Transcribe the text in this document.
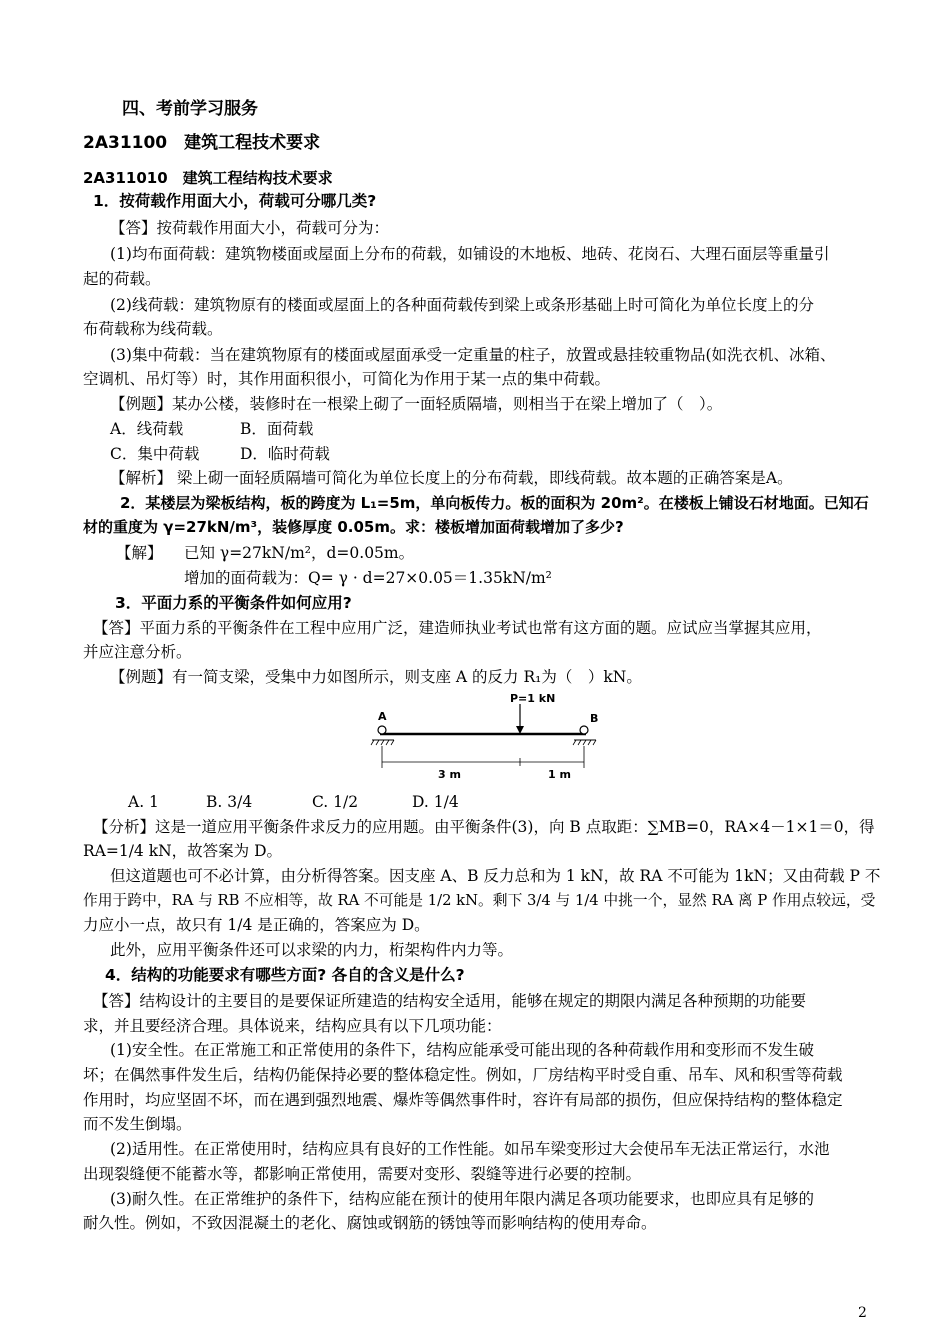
四、考前学习服务
2A31100　建筑工程技术要求
2A311010　建筑工程结构技术要求
1．按荷载作用面大小，荷载可分哪几类?
【答】按荷载作用面大小，荷载可分为：
(1)均布面荷载：建筑物楼面或屋面上分布的荷载，如铺设的木地板、地砖、花岗石、大理石面层等重量引
起的荷载。
(2)线荷载：建筑物原有的楼面或屋面上的各种面荷载传到梁上或条形基础上时可简化为单位长度上的分
布荷载称为线荷载。
(3)集中荷载：当在建筑物原有的楼面或屋面承受一定重量的柱子，放置或悬挂较重物品(如洗衣机、冰箱、
空调机、吊灯等）时，其作用面积很小，可简化为作用于某一点的集中荷载。
【例题】某办公楼，装修时在一根梁上砌了一面轻质隔墙，则相当于在梁上增加了（　）。
A．线荷载	B．面荷载
C．集中荷载	D．临时荷载
【解析】 梁上砌一面轻质隔墙可简化为单位长度上的分布荷载，即线荷载。故本题的正确答案是A。
2．某楼层为梁板结构，板的跨度为 L₁=5m，单向板传力。板的面积为 20m²。在楼板上铺设石材地面。已知石
材的重度为 γ=27kN/m³，装修厚度 0.05m。求：楼板增加面荷载增加了多少?
【解】 已知 γ=27kN/m²，d=0.05m。
增加的面荷载为：Q= γ · d=27×0.05＝1.35kN/m²
3．平面力系的平衡条件如何应用?
【答】平面力系的平衡条件在工程中应用广泛，建造师执业考试也常有这方面的题。应试应当掌握其应用，
并应注意分析。
【例题】有一简支梁，受集中力如图所示，则支座 A 的反力 R₁为（　）kN。
P=1 kN
A	B
3 m	1 m
A. 1	B. 3/4	C. 1/2	D. 1/4
【分析】这是一道应用平衡条件求反力的应用题。由平衡条件(3)，向 B 点取距：∑MB=0，RA×4－1×1＝0，得
RA=1/4 kN，故答案为 D。
但这道题也可不必计算，由分析得答案。因支座 A、B 反力总和为 1 kN，故 RA 不可能为 1kN；又由荷载 P 不
作用于跨中，RA 与 RB 不应相等，故 RA 不可能是 1/2 kN。剩下 3/4 与 1/4 中挑一个，显然 RA 离 P 作用点较远，受
力应小一点，故只有 1/4 是正确的，答案应为 D。
此外，应用平衡条件还可以求梁的内力，桁架构件内力等。
4．结构的功能要求有哪些方面? 各自的含义是什么?
【答】结构设计的主要目的是要保证所建造的结构安全适用，能够在规定的期限内满足各种预期的功能要
求，并且要经济合理。具体说来，结构应具有以下几项功能：
(1)安全性。在正常施工和正常使用的条件下，结构应能承受可能出现的各种荷载作用和变形而不发生破
坏；在偶然事件发生后，结构仍能保持必要的整体稳定性。例如，厂房结构平时受自重、吊车、风和积雪等荷载
作用时，均应坚固不坏，而在遇到强烈地震、爆炸等偶然事件时，容许有局部的损伤，但应保持结构的整体稳定
而不发生倒塌。
(2)适用性。在正常使用时，结构应具有良好的工作性能。如吊车梁变形过大会使吊车无法正常运行，水池
出现裂缝便不能蓄水等，都影响正常使用，需要对变形、裂缝等进行必要的控制。
(3)耐久性。在正常维护的条件下，结构应能在预计的使用年限内满足各项功能要求，也即应具有足够的
耐久性。例如，不致因混凝土的老化、腐蚀或钢筋的锈蚀等而影响结构的使用寿命。
2
